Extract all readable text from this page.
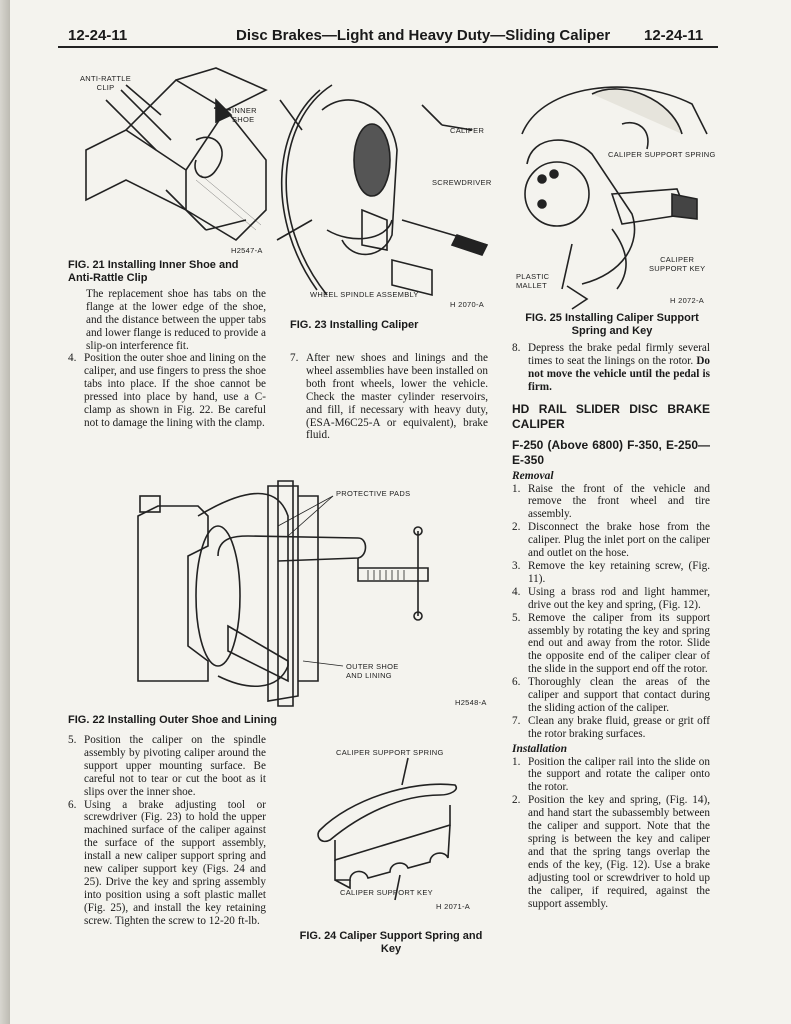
12-24-11	Disc Brakes—Light and Heavy Duty—Sliding Caliper 12-24-11
ANTI-RATTLE
CLIP
INNER
SHOE
H2547-A
FIG. 21 Installing Inner Shoe and
Anti-Rattle Clip
CALIPER
SCREWDRIVER
WHEEL SPINDLE ASSEMBLY
H 2070-A
FIG. 23 Installing Caliper
CALIPER SUPPORT SPRING
CALIPER
SUPPORT KEY
PLASTIC
MALLET
H 2072-A
FIG. 25 Installing Caliper Support
Spring and Key
The replacement shoe has tabs on the flange at the lower edge of the shoe, and the distance between the upper tabs and lower flange is reduced to provide a slip-on interference fit.
4. Position the outer shoe and lining on the caliper, and use fingers to press the shoe tabs into place. If the shoe cannot be pressed into place by hand, use a C-clamp as shown in Fig. 22. Be careful not to damage the lining with the clamp.
7. After new shoes and linings and the wheel assemblies have been installed on both front wheels, lower the vehicle. Check the master cylinder reservoirs, and fill, if necessary with heavy duty, (ESA-M6C25-A or equivalent), brake fluid.
PROTECTIVE PADS
OUTER SHOE
AND LINING
H2548-A
FIG. 22 Installing Outer Shoe and Lining
5. Position the caliper on the spindle assembly by pivoting caliper around the support upper mounting surface. Be careful not to tear or cut the boot as it slips over the inner shoe.
6. Using a brake adjusting tool or screwdriver (Fig. 23) to hold the upper machined surface of the caliper against the surface of the support assembly, install a new caliper support spring and new caliper support key (Figs. 24 and 25). Drive the key and spring assembly into position using a soft plastic mallet (Fig. 25), and install the key retaining screw. Tighten the screw to 12-20 ft-lb.
CALIPER SUPPORT SPRING
CALIPER SUPPORT KEY
H 2071-A
FIG. 24 Caliper Support Spring and
Key
8. Depress the brake pedal firmly several times to seat the linings on the rotor. Do not move the vehicle until the pedal is firm.
HD RAIL SLIDER DISC BRAKE CALIPER
F-250 (Above 6800) F-350, E-250—E-350
Removal
1. Raise the front of the vehicle and remove the front wheel and tire assembly.
2. Disconnect the brake hose from the caliper. Plug the inlet port on the caliper and outlet on the hose.
3. Remove the key retaining screw, (Fig. 11).
4. Using a brass rod and light hammer, drive out the key and spring, (Fig. 12).
5. Remove the caliper from its support assembly by rotating the key and spring end out and away from the rotor. Slide the opposite end of the caliper clear of the slide in the support end off the rotor.
6. Thoroughly clean the areas of the caliper and support that contact during the sliding action of the caliper.
7. Clean any brake fluid, grease or grit off the rotor braking surfaces.
Installation
1. Position the caliper rail into the slide on the support and rotate the caliper onto the rotor.
2. Position the key and spring, (Fig. 14), and hand start the subassembly between the caliper and support. Note that the spring is between the key and caliper and that the spring tangs overlap the ends of the key, (Fig. 12). Use a brake adjusting tool or screwdriver to hold up the caliper, if required, against the support assembly.
